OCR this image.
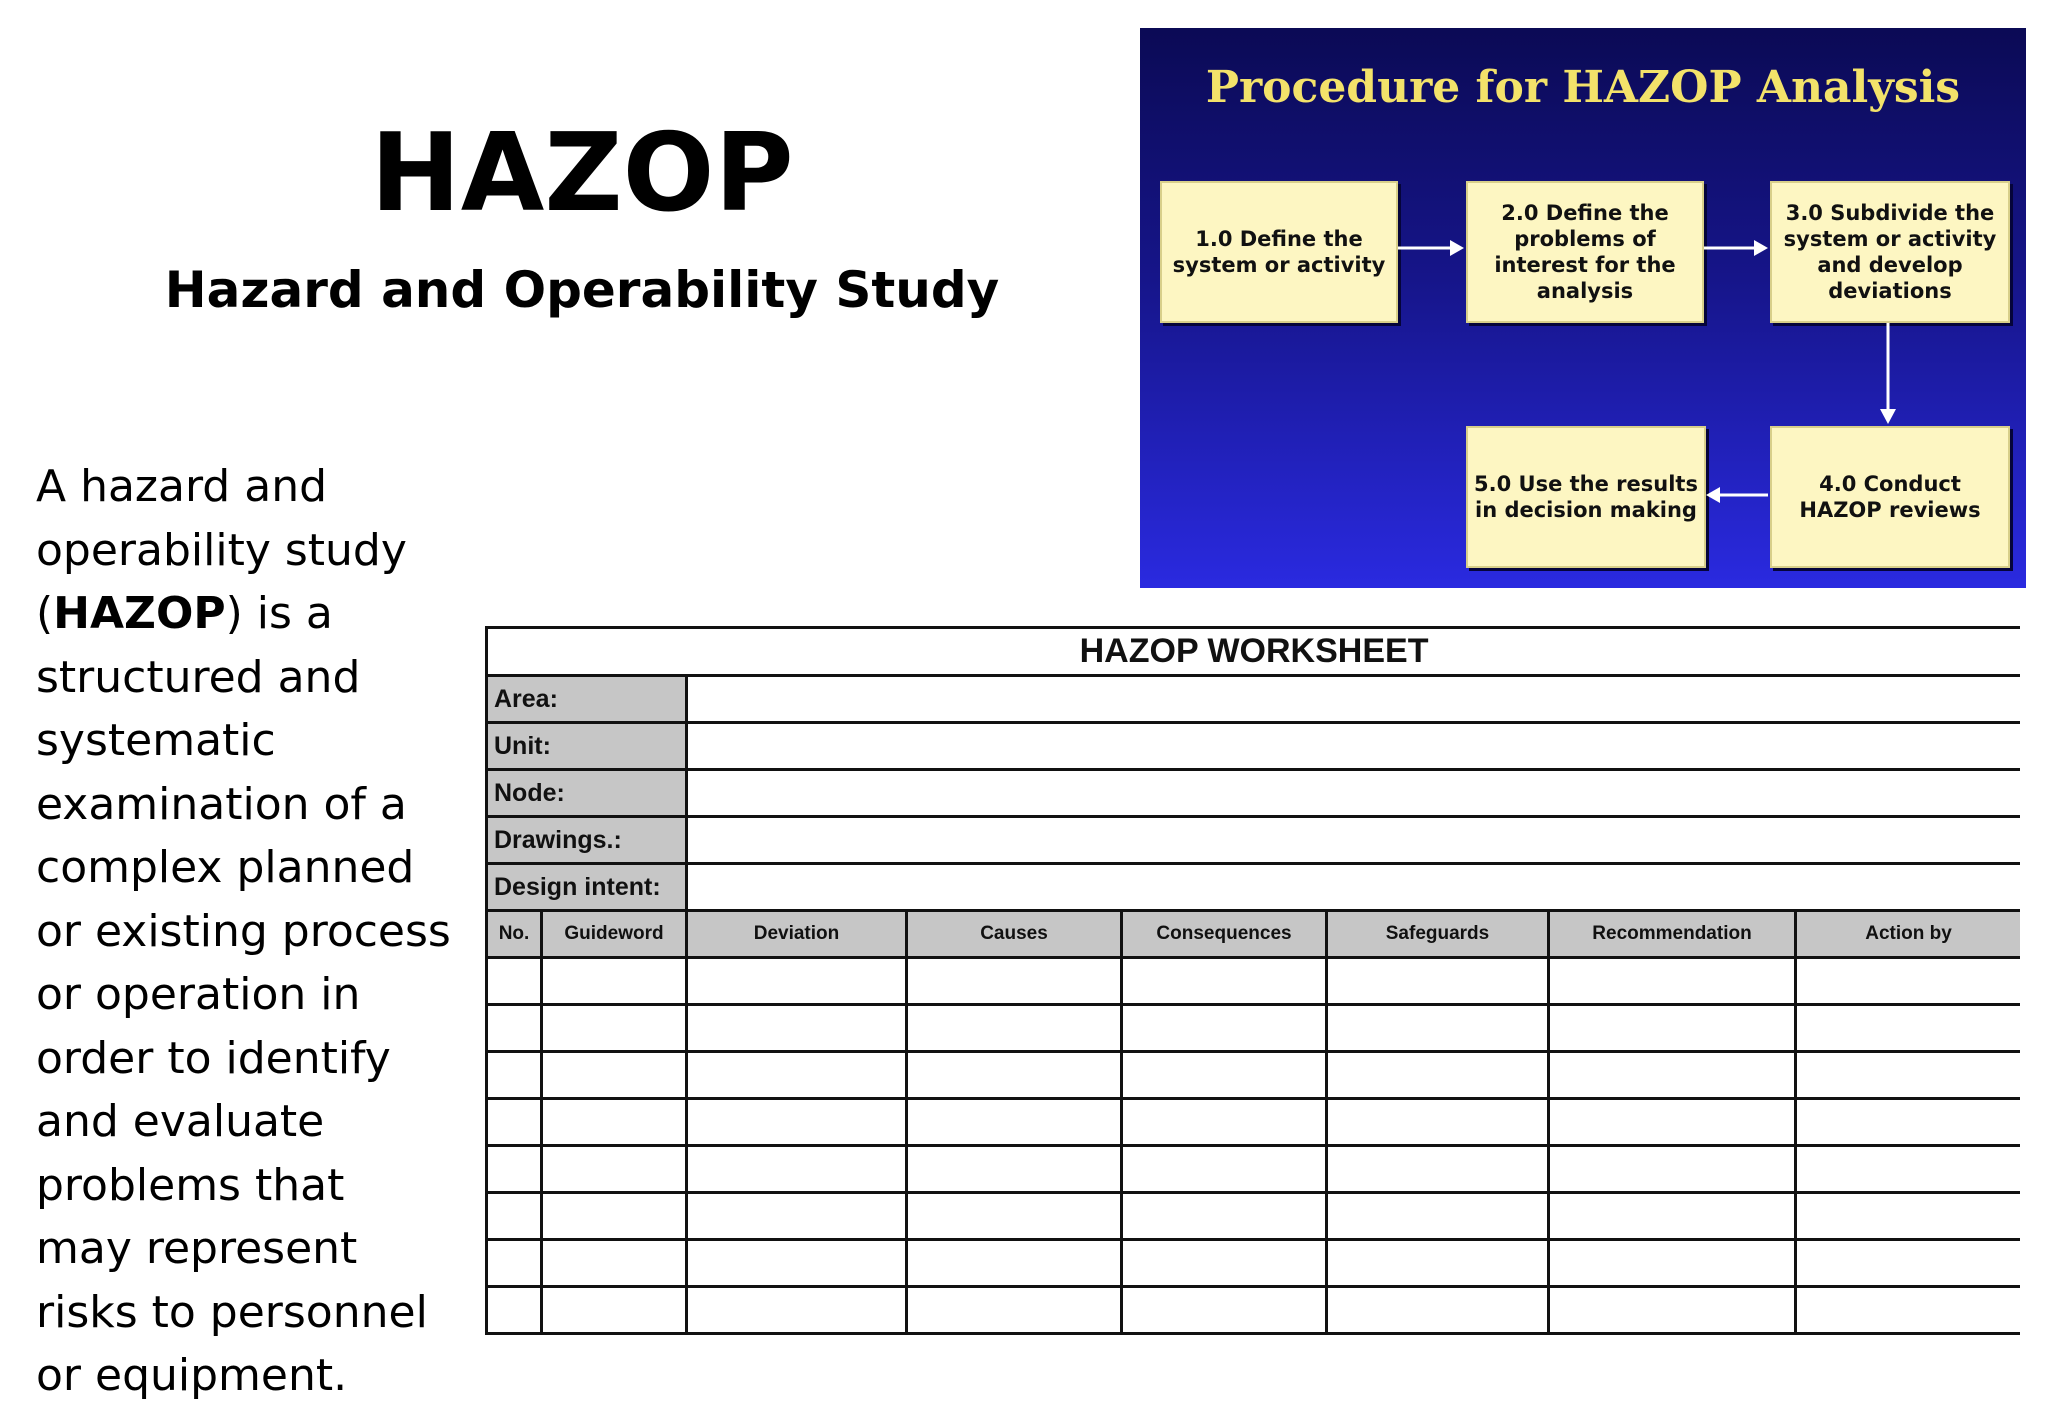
HAZOP
Hazard and Operability Study
A hazard and
operability study
(HAZOP) is a
structured and
systematic
examination of a
complex planned
or existing process
or operation in
order to identify
and evaluate
problems that
may represent
risks to personnel
or equipment.
Procedure for HAZOP Analysis
1.0 Define the
system or activity
2.0 Define the
problems of
interest for the
analysis
3.0 Subdivide the
system or activity
and develop
deviations
4.0 Conduct
HAZOP reviews
5.0 Use the results
in decision making
HAZOP WORKSHEET							
Area:							
Unit:							
Node:							
Drawings.:							
Design intent:							
No.	Guideword	Deviation	Causes	Consequences	Safeguards	Recommendation	Action by
